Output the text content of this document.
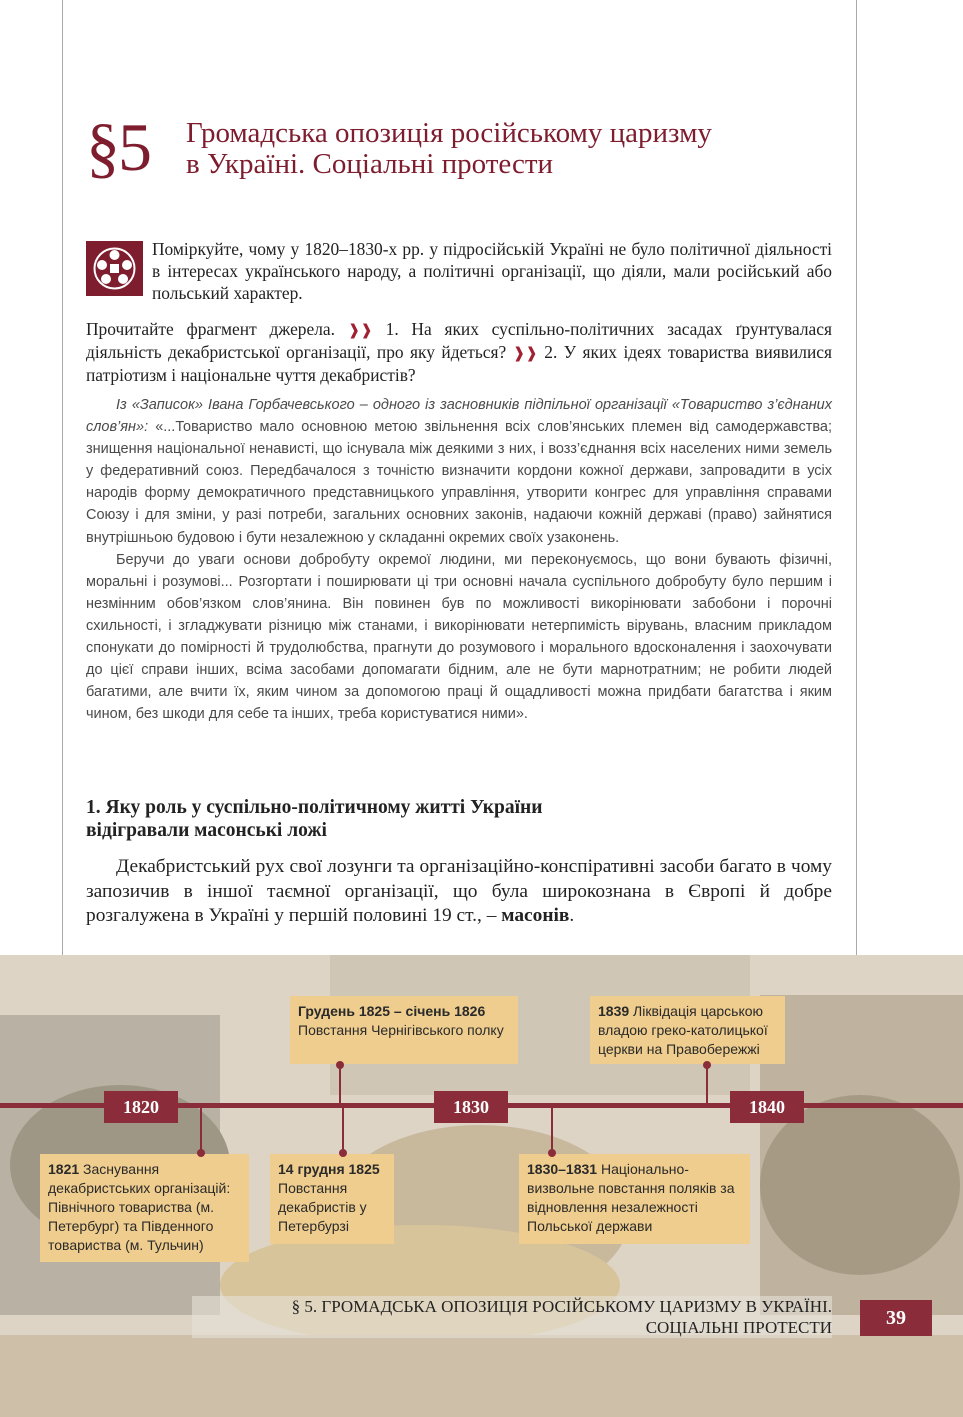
§5 Громадська опозиція російському царизму
в Україні. Соціальні протести
Поміркуйте, чому у 1820–1830-х рр. у підросійській Україні не було політичної діяльності в інтересах українського народу, а політичні організації, що діяли, мали російський або польський характер.
Прочитайте фрагмент джерела. ❱❱ 1. На яких суспільно-політичних засадах ґрунтувалася діяльність декабристської організації, про яку йдеться? ❱❱ 2. У яких ідеях товариства виявилися патріотизм і національне чуття декабристів?

Із «Записок» Івана Горбачевського – одного із засновників підпільної організації «Товариство з’єднаних слов’ян»: «...Товариство мало основною метою звільнення всіх слов’янських племен від самодержавства; знищення національної ненависті, що існувала між деякими з них, і возз’єднання всіх населених ними земель у федеративний союз. Передбачалося з точністю визначити кордони кожної держави, запровадити в усіх народів форму демократичного представницького управління, утворити конгрес для управління справами Союзу і для зміни, у разі потреби, загальних основних законів, надаючи кожній державі (право) зайнятися внутрішньою будовою і бути незалежною у складанні окремих своїх узаконень.

Беручи до уваги основи добробуту окремої людини, ми переконуємось, що вони бувають фізичні, моральні і розумові... Розгортати і поширювати ці три основні начала суспільного добробуту було першим і незмінним обов’язком слов’янина. Він повинен був по можливості викорінювати забобони і порочні схильності, і згладжувати різницю між станами, і викорінювати нетерпимість вірувань, власним прикладом спонукати до помірності й трудолюбства, прагнути до розумового і морального вдосконалення і заохочувати до цієї справи інших, всіма засобами допомагати бідним, але не бути марнотратним; не робити людей багатими, але вчити їх, яким чином за допомогою праці й ощадливості можна придбати багатства і яким чином, без шкоди для себе та інших, треба користуватися ними».

1. Яку роль у суспільно-політичному житті України
відігравали масонські ложі
Декабристський рух свої лозунги та організаційно-конспіративні засоби багато в чому запозичив в іншої таємної організації, що була широкознана в Європі й добре розгалужена в Україні у першій половині 19 ст., – масонів.
1820	1830	1840
Грудень 1825 – січень 1826
Повстання Чернігівського полку
1839 Ліквідація царською владою греко-католицької церкви на Правобережжі
1821 Заснування декабристських організацій: Північного товариства (м. Петербург) та Південного товариства (м. Тульчин)
14 грудня 1825
Повстання декабристів у Петербурзі
1830–1831 Національно-визвольне повстання поляків за відновлення незалежності Польської держави
§ 5. ГРОМАДСЬКА ОПОЗИЦІЯ РОСІЙСЬКОМУ ЦАРИЗМУ В УКРАЇНІ.
СОЦІАЛЬНІ ПРОТЕСТИ	39
